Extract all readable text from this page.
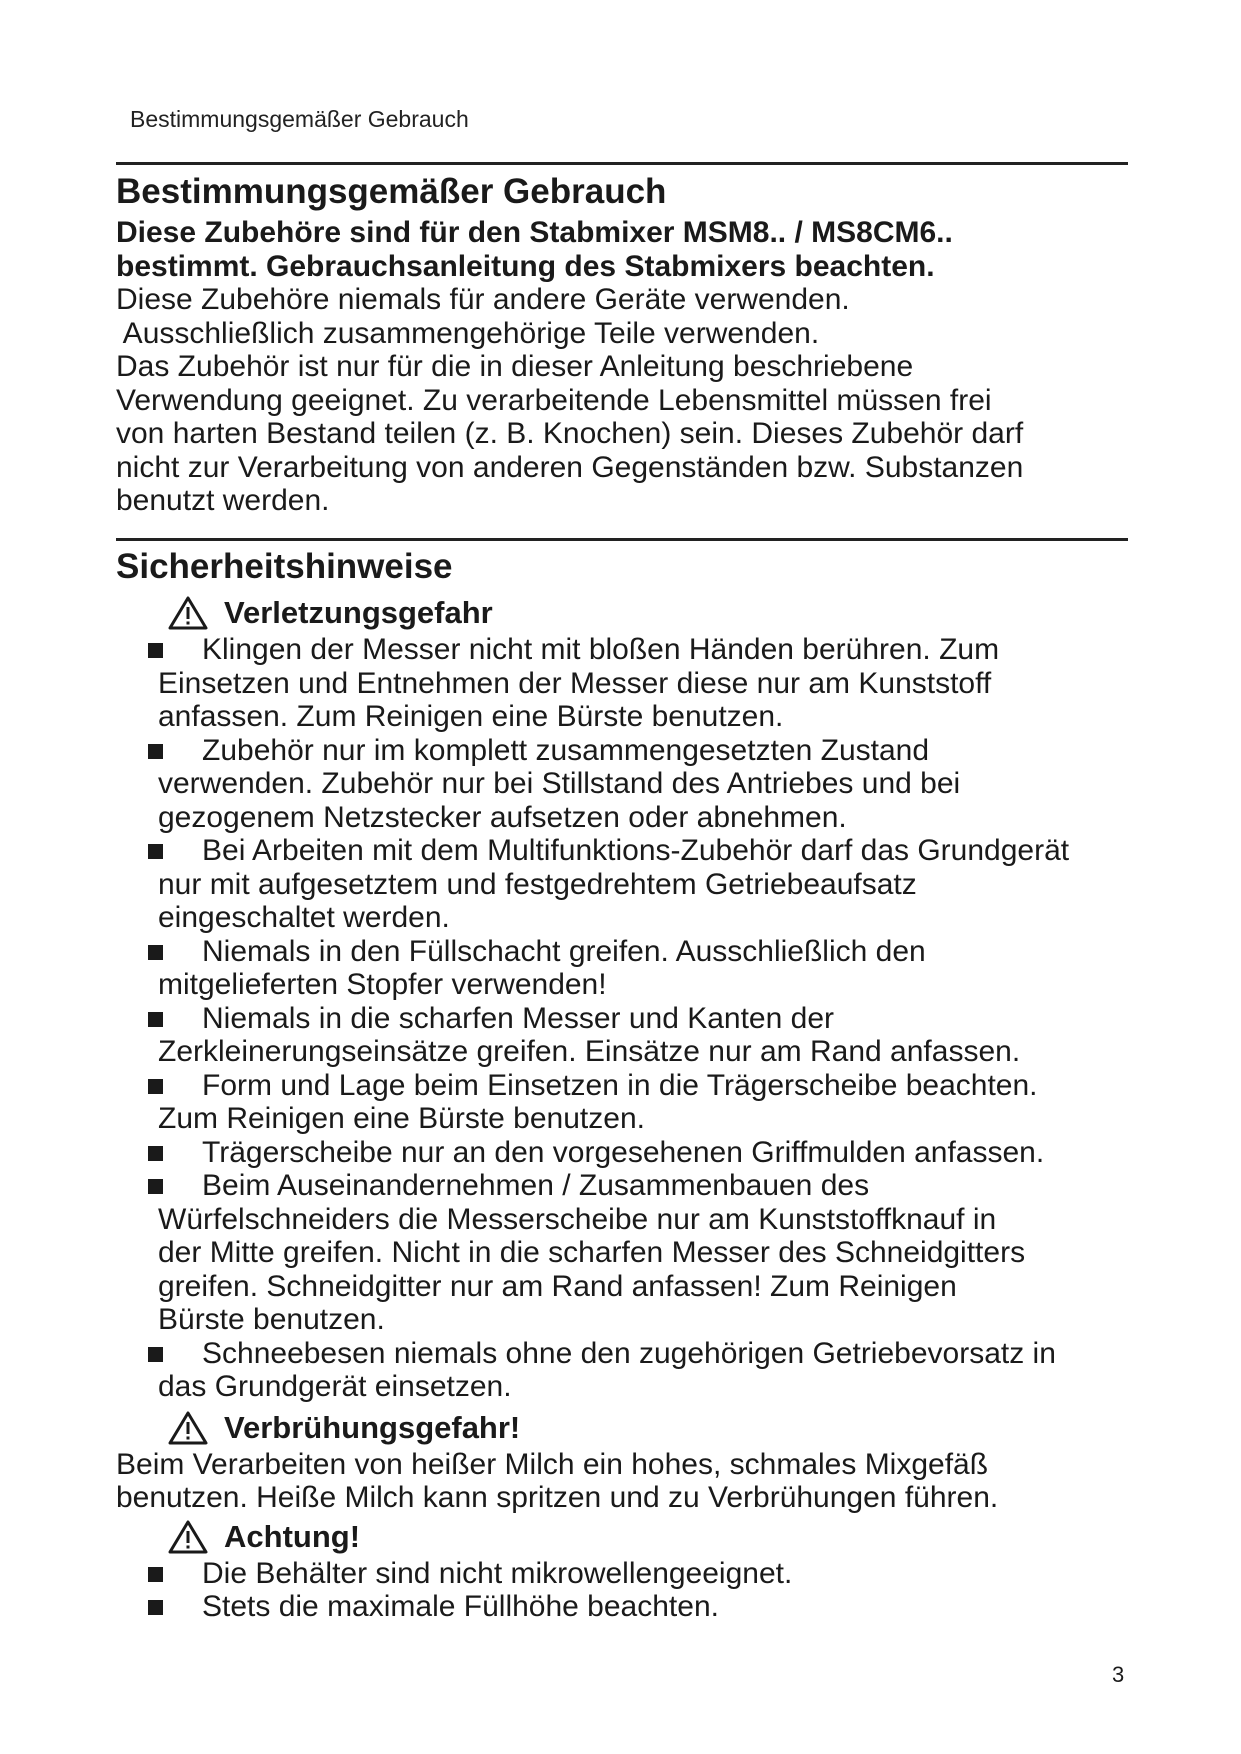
Bestimmungsgemäßer Gebrauch
Bestimmungsgemäßer Gebrauch
Diese Zubehöre sind für den Stabmixer MSM8.. / MS8CM6..
bestimmt. Gebrauchsanleitung des Stabmixers beachten.
Diese Zubehöre niemals für andere Geräte verwenden.
Ausschließlich zusammengehörige Teile verwenden.
Das Zubehör ist nur für die in dieser Anleitung beschriebene
Verwendung geeignet. Zu verarbeitende Lebensmittel müssen frei
von harten Bestand teilen (z. B. Knochen) sein. Dieses Zubehör darf
nicht zur Verarbeitung von anderen Gegenständen bzw. Substanzen
benutzt werden.
Sicherheitshinweise
Verletzungsgefahr
Klingen der Messer nicht mit bloßen Händen berühren. Zum
Einsetzen und Entnehmen der Messer diese nur am Kunststoff
anfassen. Zum Reinigen eine Bürste benutzen.
Zubehör nur im komplett zusammengesetzten Zustand
verwenden. Zubehör nur bei Stillstand des Antriebes und bei
gezogenem Netzstecker aufsetzen oder abnehmen.
Bei Arbeiten mit dem Multifunktions-Zubehör darf das Grundgerät
nur mit aufgesetztem und festgedrehtem Getriebeaufsatz
eingeschaltet werden.
Niemals in den Füllschacht greifen. Ausschließlich den
mitgelieferten Stopfer verwenden!
Niemals in die scharfen Messer und Kanten der
Zerkleinerungseinsätze greifen. Einsätze nur am Rand anfassen.
Form und Lage beim Einsetzen in die Trägerscheibe beachten.
Zum Reinigen eine Bürste benutzen.
Trägerscheibe nur an den vorgesehenen Griffmulden anfassen.
Beim Auseinandernehmen / Zusammenbauen des
Würfelschneiders die Messerscheibe nur am Kunststoffknauf in
der Mitte greifen. Nicht in die scharfen Messer des Schneidgitters
greifen. Schneidgitter nur am Rand anfassen! Zum Reinigen
Bürste benutzen.
Schneebesen niemals ohne den zugehörigen Getriebevorsatz in
das Grundgerät einsetzen.
Verbrühungsgefahr!
Beim Verarbeiten von heißer Milch ein hohes, schmales Mixgefäß
benutzen. Heiße Milch kann spritzen und zu Verbrühungen führen.
Achtung!
Die Behälter sind nicht mikrowellengeeignet.
Stets die maximale Füllhöhe beachten.
3
